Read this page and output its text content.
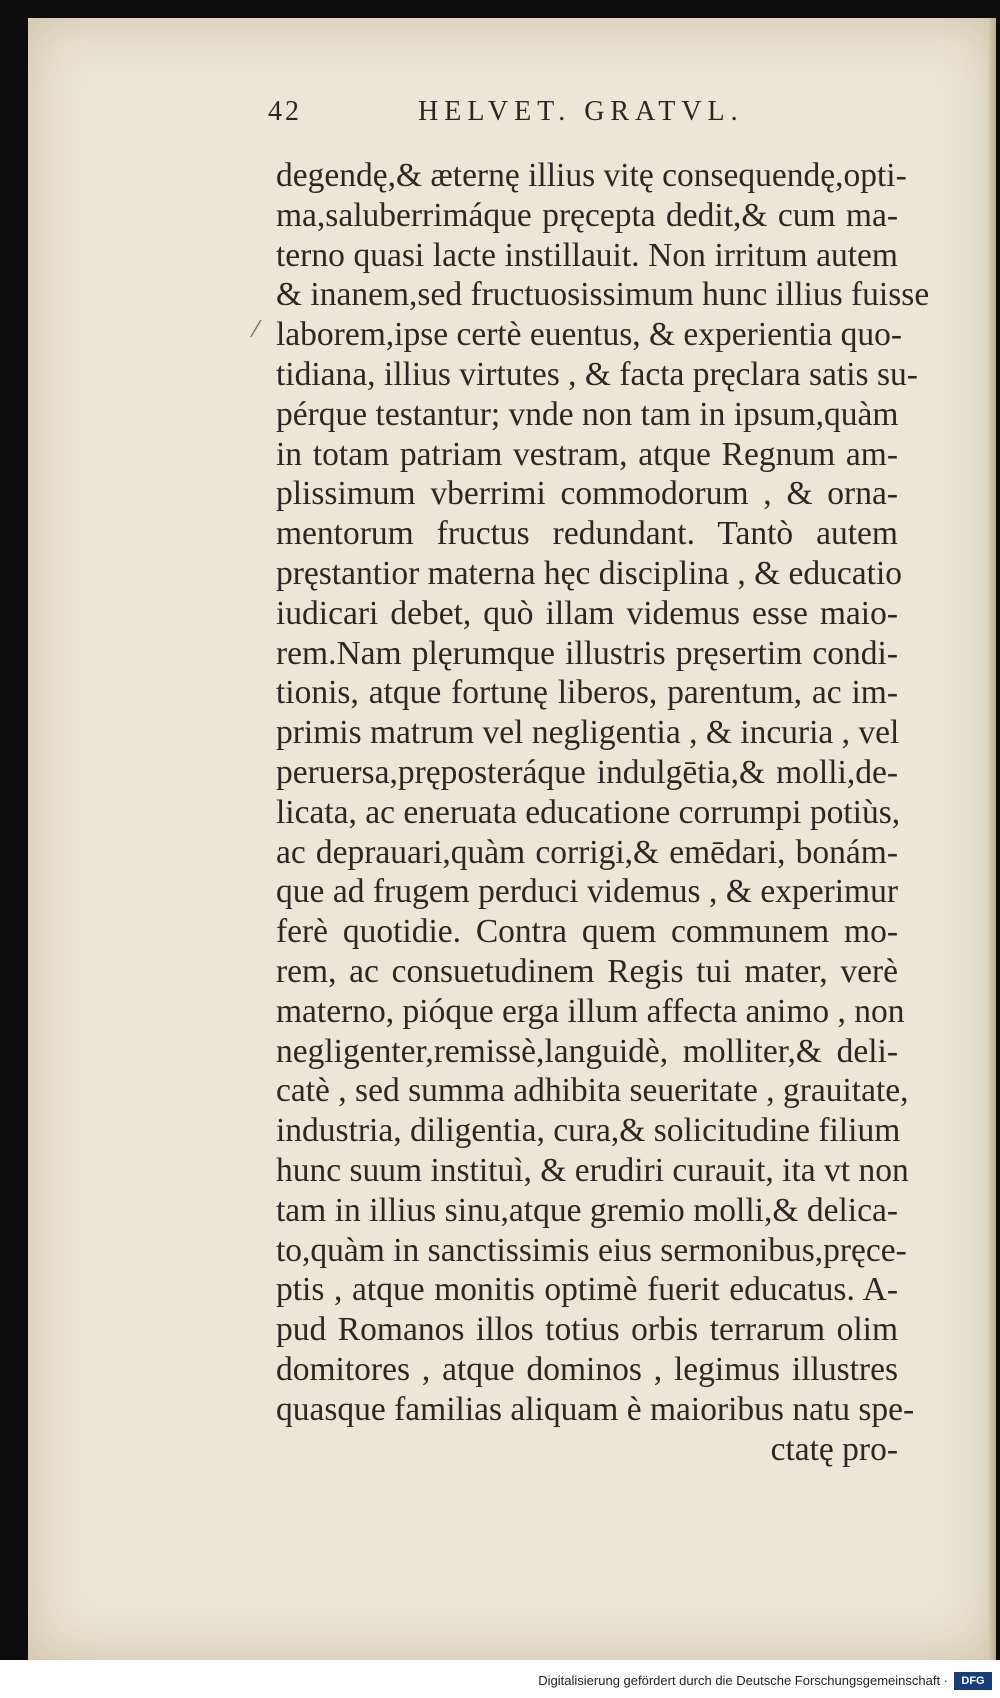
42	HELVET. GRATVL.
⁄
degendę,& æternę illius vitę consequendę,opti-
ma,saluberrimáque pręcepta dedit,& cum ma-
terno quasi lacte instillauit. Non irritum autem
& inanem,sed fructuosissimum hunc illius fuisse
laborem,ipse certè euentus, & experientia quo-
tidiana, illius virtutes , & facta pręclara satis su-
pérque testantur; vnde non tam in ipsum,quàm
in totam patriam vestram, atque Regnum am-
plissimum vberrimi commodorum , & orna-
mentorum fructus redundant. Tantò autem
pręstantior materna hęc disciplina , & educatio
iudicari debet, quò illam videmus esse maio-
rem.Nam plęrumque illustris pręsertim condi-
tionis, atque fortunę liberos, parentum, ac im-
primis matrum vel negligentia , & incuria , vel
peruersa,pręposteráque indulgētia,& molli,de-
licata, ac eneruata educatione corrumpi potiùs,
ac deprauari,quàm corrigi,& emēdari, bonám-
que ad frugem perduci videmus , & experimur
ferè quotidie. Contra quem communem mo-
rem, ac consuetudinem Regis tui mater, verè
materno, pióque erga illum affecta animo , non
negligenter,remissè,languidè, molliter,& deli-
catè , sed summa adhibita seueritate , grauitate,
industria, diligentia, cura,& solicitudine filium
hunc suum instituì, & erudiri curauit, ita vt non
tam in illius sinu,atque gremio molli,& delica-
to,quàm in sanctissimis eius sermonibus,pręce-
ptis , atque monitis optimè fuerit educatus. A-
pud Romanos illos totius orbis terrarum olim
domitores , atque dominos , legimus illustres
quasque familias aliquam è maioribus natu spe-
ctatę pro-
Digitalisierung gefördert durch die Deutsche Forschungsgemeinschaft ·	DFG
